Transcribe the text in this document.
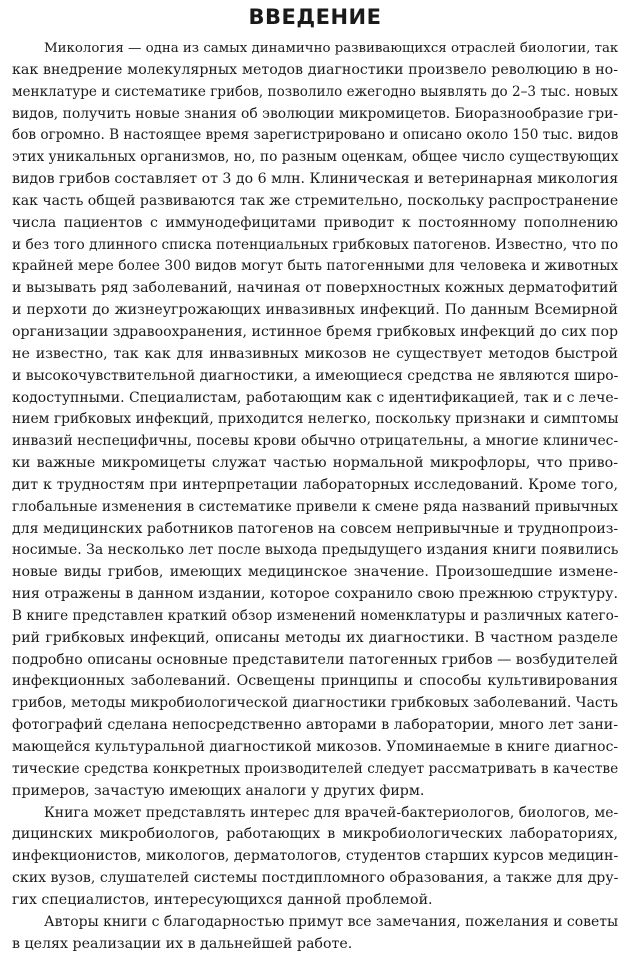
ВВЕДЕНИЕ

Микология — одна из самых динамично развивающихся отраслей биологии, так
как внедрение молекулярных методов диагностики произвело революцию в но-
менклатуре и систематике грибов, позволило ежегодно выявлять до 2–3 тыс. новых
видов, получить новые знания об эволюции микромицетов. Биоразнообразие гри-
бов огромно. В настоящее время зарегистрировано и описано около 150 тыс. видов
этих уникальных организмов, но, по разным оценкам, общее число существующих
видов грибов составляет от 3 до 6 млн. Клиническая и ветеринарная микология
как часть общей развиваются так же стремительно, поскольку распространение
числа пациентов с иммунодефицитами приводит к постоянному пополнению
и без того длинного списка потенциальных грибковых патогенов. Известно, что по
крайней мере более 300 видов могут быть патогенными для человека и животных
и вызывать ряд заболеваний, начиная от поверхностных кожных дерматофитий
и перхоти до жизнеугрожающих инвазивных инфекций. По данным Всемирной
организации здравоохранения, истинное бремя грибковых инфекций до сих пор
не известно, так как для инвазивных микозов не существует методов быстрой
и высокочувствительной диагностики, а имеющиеся средства не являются широ-
кодоступными. Специалистам, работающим как с идентификацией, так и с лече-
нием грибковых инфекций, приходится нелегко, поскольку признаки и симптомы
инвазий неспецифичны, посевы крови обычно отрицательны, а многие клиничес-
ки важные микромицеты служат частью нормальной микрофлоры, что приво-
дит к трудностям при интерпретации лабораторных исследований. Кроме того,
глобальные изменения в систематике привели к смене ряда названий привычных
для медицинских работников патогенов на совсем непривычные и труднопроиз-
носимые. За несколько лет после выхода предыдущего издания книги появились
новые виды грибов, имеющих медицинское значение. Произошедшие измене-
ния отражены в данном издании, которое сохранило свою прежнюю структуру.
В книге представлен краткий обзор изменений номенклатуры и различных катего-
рий грибковых инфекций, описаны методы их диагностики. В частном разделе
подробно описаны основные представители патогенных грибов — возбудителей
инфекционных заболеваний. Освещены принципы и способы культивирования
грибов, методы микробиологической диагностики грибковых заболеваний. Часть
фотографий сделана непосредственно авторами в лаборатории, много лет зани-
мающейся культуральной диагностикой микозов. Упоминаемые в книге диагнос-
тические средства конкретных производителей следует рассматривать в качестве
примеров, зачастую имеющих аналоги у других фирм.

Книга может представлять интерес для врачей-бактериологов, биологов, ме-
дицинских микробиологов, работающих в микробиологических лабораториях,
инфекционистов, микологов, дерматологов, студентов старших курсов медицин-
ских вузов, слушателей системы постдипломного образования, а также для дру-
гих специалистов, интересующихся данной проблемой.

Авторы книги с благодарностью примут все замечания, пожелания и советы
в целях реализации их в дальнейшей работе.
